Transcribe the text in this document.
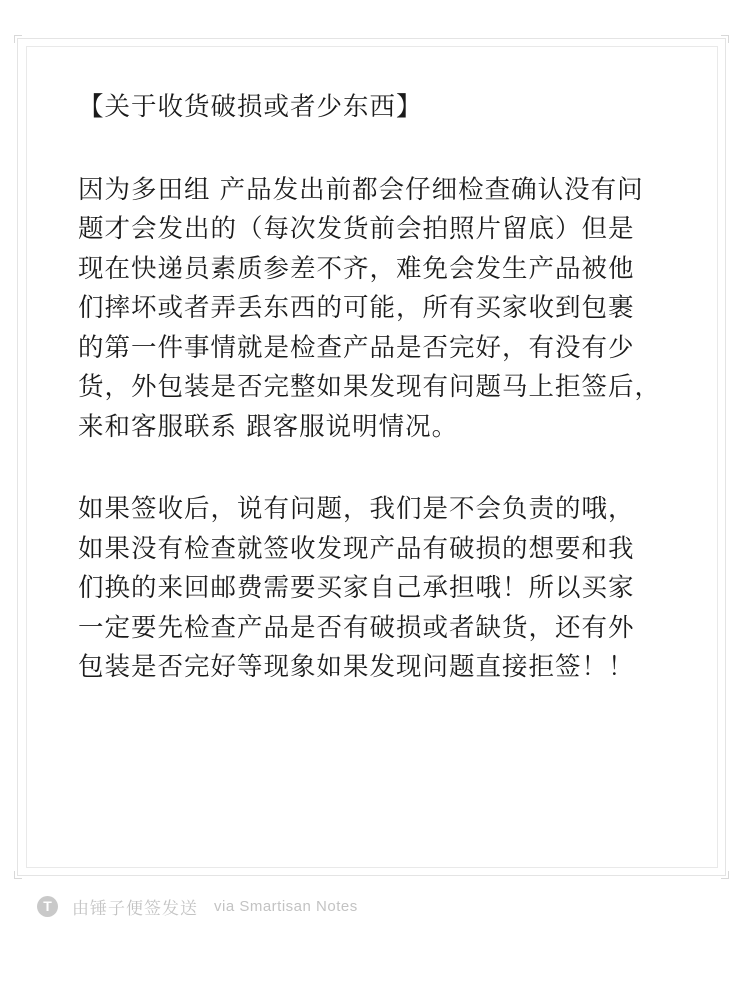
【关于收货破损或者少东西】

因为多田组 产品发出前都会仔细检查确认没有问
题才会发出的（每次发货前会拍照片留底）但是
现在快递员素质参差不齐，难免会发生产品被他
们摔坏或者弄丢东西的可能，所有买家收到包裹
的第一件事情就是检查产品是否完好，有没有少
货，外包装是否完整如果发现有问题马上拒签后，
来和客服联系 跟客服说明情况。

如果签收后，说有问题，我们是不会负责的哦，
如果没有检查就签收发现产品有破损的想要和我
们换的来回邮费需要买家自己承担哦！所以买家
一定要先检查产品是否有破损或者缺货，还有外
包装是否完好等现象如果发现问题直接拒签！！

T	由锤子便签发送 via Smartisan Notes
